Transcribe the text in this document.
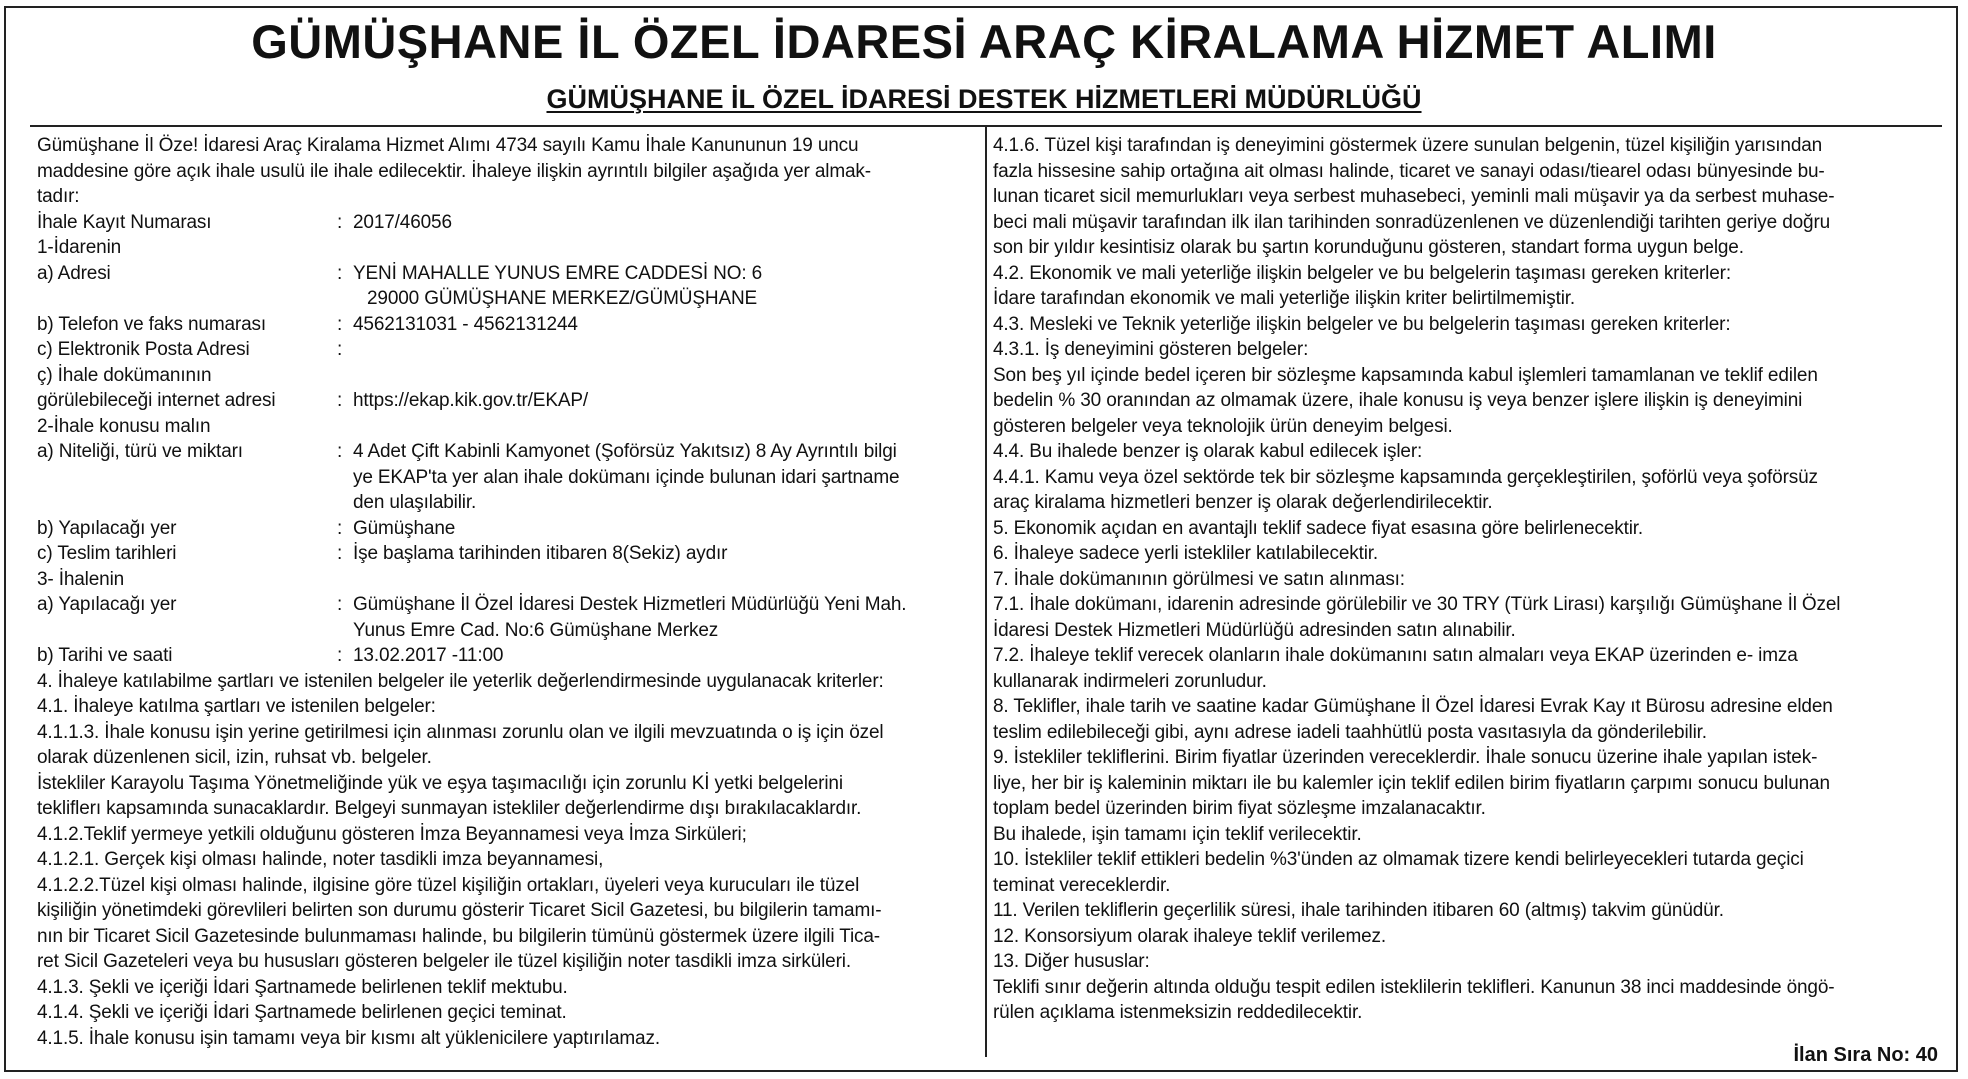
GÜMÜŞHANE İL ÖZEL İDARESİ ARAÇ KİRALAMA HİZMET ALIMI
GÜMÜŞHANE İL ÖZEL İDARESİ DESTEK HİZMETLERİ MÜDÜRLÜĞÜ
Gümüşhane İl Öze! İdaresi Araç Kiralama Hizmet Alımı 4734 sayılı Kamu İhale Kanununun 19 uncu
maddesine göre açık ihale usulü ile ihale edilecektir. İhaleye ilişkin ayrıntılı bilgiler aşağıda yer almak-
tadır:
İhale Kayıt Numarası	: 2017/46056
1-İdarenin
a) Adresi	: YENİ MAHALLE YUNUS EMRE CADDESİ NO: 6
29000 GÜMÜŞHANE MERKEZ/GÜMÜŞHANE
b) Telefon ve faks numarası	: 4562131031 - 4562131244
c) Elektronik Posta Adresi	:
ç) İhale dokümanının
görülebileceği internet adresi	: https://ekap.kik.gov.tr/EKAP/
2-İhale konusu malın
a) Niteliği, türü ve miktarı	: 4 Adet Çift Kabinli Kamyonet (Şoförsüz Yakıtsız) 8 Ay Ayrıntılı bilgi
ye EKAP'ta yer alan ihale dokümanı içinde bulunan idari şartname
den ulaşılabilir.
b) Yapılacağı yer	: Gümüşhane
c) Teslim tarihleri	: İşe başlama tarihinden itibaren 8(Sekiz) aydır
3- İhalenin
a) Yapılacağı yer	: Gümüşhane İl Özel İdaresi Destek Hizmetleri Müdürlüğü Yeni Mah.
Yunus Emre Cad. No:6 Gümüşhane Merkez
b) Tarihi ve saati	: 13.02.2017 -11:00
4. İhaleye katılabilme şartları ve istenilen belgeler ile yeterlik değerlendirmesinde uygulanacak kriterler:
4.1. İhaleye katılma şartları ve istenilen belgeler:
4.1.1.3. İhale konusu işin yerine getirilmesi için alınması zorunlu olan ve ilgili mevzuatında o iş için özel
olarak düzenlenen sicil, izin, ruhsat vb. belgeler.
İstekliler Karayolu Taşıma Yönetmeliğinde yük ve eşya taşımacılığı için zorunlu Kİ yetki belgelerini
tekliflerı kapsamında sunacaklardır. Belgeyi sunmayan istekliler değerlendirme dışı bırakılacaklardır.
4.1.2.Teklif yermeye yetkili olduğunu gösteren İmza Beyannamesi veya İmza Sirküleri;
4.1.2.1. Gerçek kişi olması halinde, noter tasdikli imza beyannamesi,
4.1.2.2.Tüzel kişi olması halinde, ilgisine göre tüzel kişiliğin ortakları, üyeleri veya kurucuları ile tüzel
kişiliğin yönetimdeki görevlileri belirten son durumu gösterir Ticaret Sicil Gazetesi, bu bilgilerin tamamı-
nın bir Ticaret Sicil Gazetesinde bulunmaması halinde, bu bilgilerin tümünü göstermek üzere ilgili Tica-
ret Sicil Gazeteleri veya bu hususları gösteren belgeler ile tüzel kişiliğin noter tasdikli imza sirküleri.
4.1.3. Şekli ve içeriği İdari Şartnamede belirlenen teklif mektubu.
4.1.4. Şekli ve içeriği İdari Şartnamede belirlenen geçici teminat.
4.1.5. İhale konusu işin tamamı veya bir kısmı alt yüklenicilere yaptırılamaz.
4.1.6. Tüzel kişi tarafından iş deneyimini göstermek üzere sunulan belgenin, tüzel kişiliğin yarısından
fazla hissesine sahip ortağına ait olması halinde, ticaret ve sanayi odası/tiearel odası bünyesinde bu-
lunan ticaret sicil memurlukları veya serbest muhasebeci, yeminli mali müşavir ya da serbest muhase-
beci mali müşavir tarafından ilk ilan tarihinden sonradüzenlenen ve düzenlendiği tarihten geriye doğru
son bir yıldır kesintisiz olarak bu şartın korunduğunu gösteren, standart forma uygun belge.
4.2. Ekonomik ve mali yeterliğe ilişkin belgeler ve bu belgelerin taşıması gereken kriterler:
İdare tarafından ekonomik ve mali yeterliğe ilişkin kriter belirtilmemiştir.
4.3. Mesleki ve Teknik yeterliğe ilişkin belgeler ve bu belgelerin taşıması gereken kriterler:
4.3.1. İş deneyimini gösteren belgeler:
Son beş yıl içinde bedel içeren bir sözleşme kapsamında kabul işlemleri tamamlanan ve teklif edilen
bedelin % 30 oranından az olmamak üzere, ihale konusu iş veya benzer işlere ilişkin iş deneyimini
gösteren belgeler veya teknolojik ürün deneyim belgesi.
4.4. Bu ihalede benzer iş olarak kabul edilecek işler:
4.4.1. Kamu veya özel sektörde tek bir sözleşme kapsamında gerçekleştirilen, şoförlü veya şoförsüz
araç kiralama hizmetleri benzer iş olarak değerlendirilecektir.
5. Ekonomik açıdan en avantajlı teklif sadece fiyat esasına göre belirlenecektir.
6. İhaleye sadece yerli istekliler katılabilecektir.
7. İhale dokümanının görülmesi ve satın alınması:
7.1. İhale dokümanı, idarenin adresinde görülebilir ve 30 TRY (Türk Lirası) karşılığı Gümüşhane İl Özel
İdaresi Destek Hizmetleri Müdürlüğü adresinden satın alınabilir.
7.2. İhaleye teklif verecek olanların ihale dokümanını satın almaları veya EKAP üzerinden e- imza
kullanarak indirmeleri zorunludur.
8. Teklifler, ihale tarih ve saatine kadar Gümüşhane İl Özel İdaresi Evrak Kay ıt Bürosu adresine elden
teslim edilebileceği gibi, aynı adrese iadeli taahhütlü posta vasıtasıyla da gönderilebilir.
9. İstekliler tekliflerini. Birim fiyatlar üzerinden vereceklerdir. İhale sonucu üzerine ihale yapılan istek-
liye, her bir iş kaleminin miktarı ile bu kalemler için teklif edilen birim fiyatların çarpımı sonucu bulunan
toplam bedel üzerinden birim fiyat sözleşme imzalanacaktır.
Bu ihalede, işin tamamı için teklif verilecektir.
10. İstekliler teklif ettikleri bedelin %3'ünden az olmamak tizere kendi belirleyecekleri tutarda geçici
teminat vereceklerdir.
11. Verilen tekliflerin geçerlilik süresi, ihale tarihinden itibaren 60 (altmış) takvim günüdür.
12. Konsorsiyum olarak ihaleye teklif verilemez.
13. Diğer hususlar:
Teklifi sınır değerin altında olduğu tespit edilen isteklilerin teklifleri. Kanunun 38 inci maddesinde öngö-
rülen açıklama istenmeksizin reddedilecektir.
İlan Sıra No: 40
